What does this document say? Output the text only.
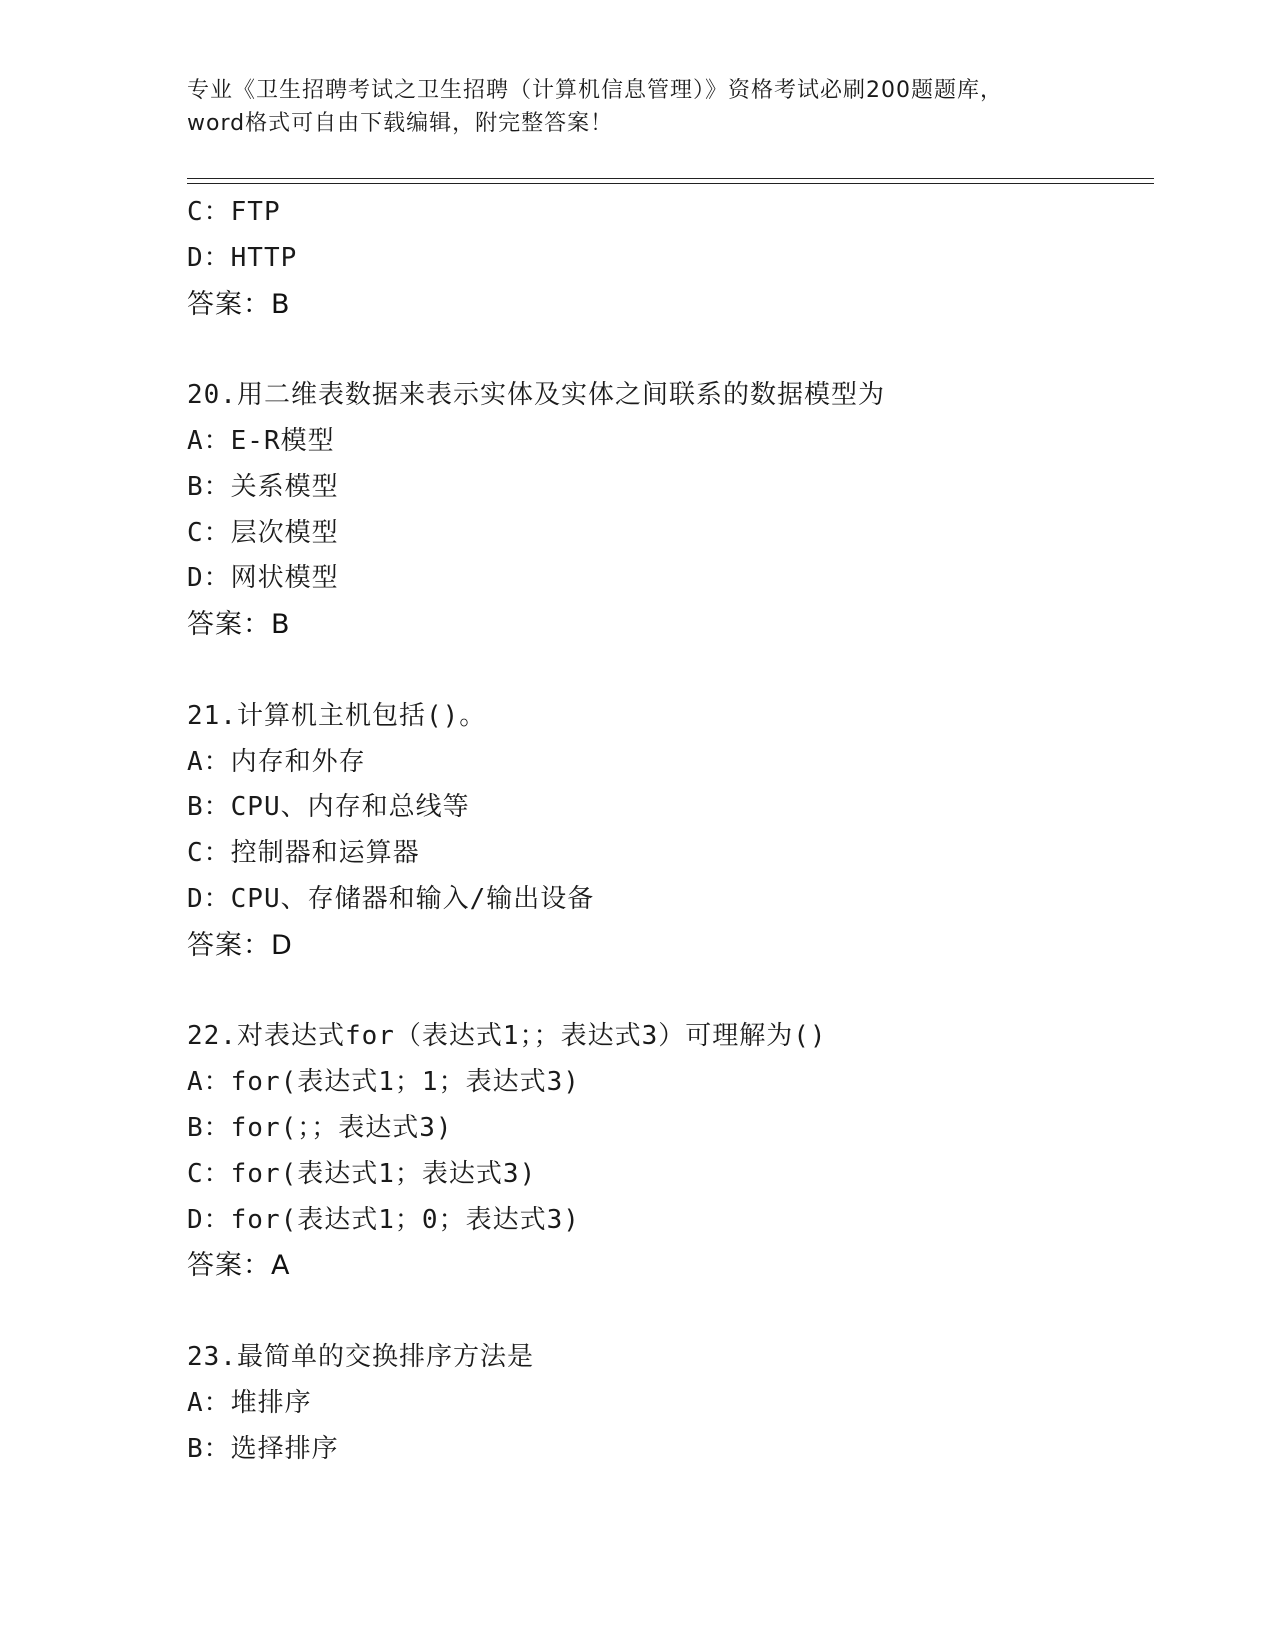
专业《卫生招聘考试之卫生招聘（计算机信息管理）》资格考试必刷200题题库，
word格式可自由下载编辑，附完整答案！
C：FTP
D：HTTP
答案：B
20.用二维表数据来表示实体及实体之间联系的数据模型为
A：E-R模型
B：关系模型
C：层次模型
D：网状模型
答案：B
21.计算机主机包括()。
A：内存和外存
B：CPU、内存和总线等
C：控制器和运算器
D：CPU、存储器和输入/输出设备
答案：D
22.对表达式for（表达式1；；表达式3）可理解为()
A：for(表达式1；1；表达式3)
B：for(；；表达式3)
C：for(表达式1；表达式3)
D：for(表达式1；0；表达式3)
答案：A
23.最简单的交换排序方法是
A：堆排序
B：选择排序
